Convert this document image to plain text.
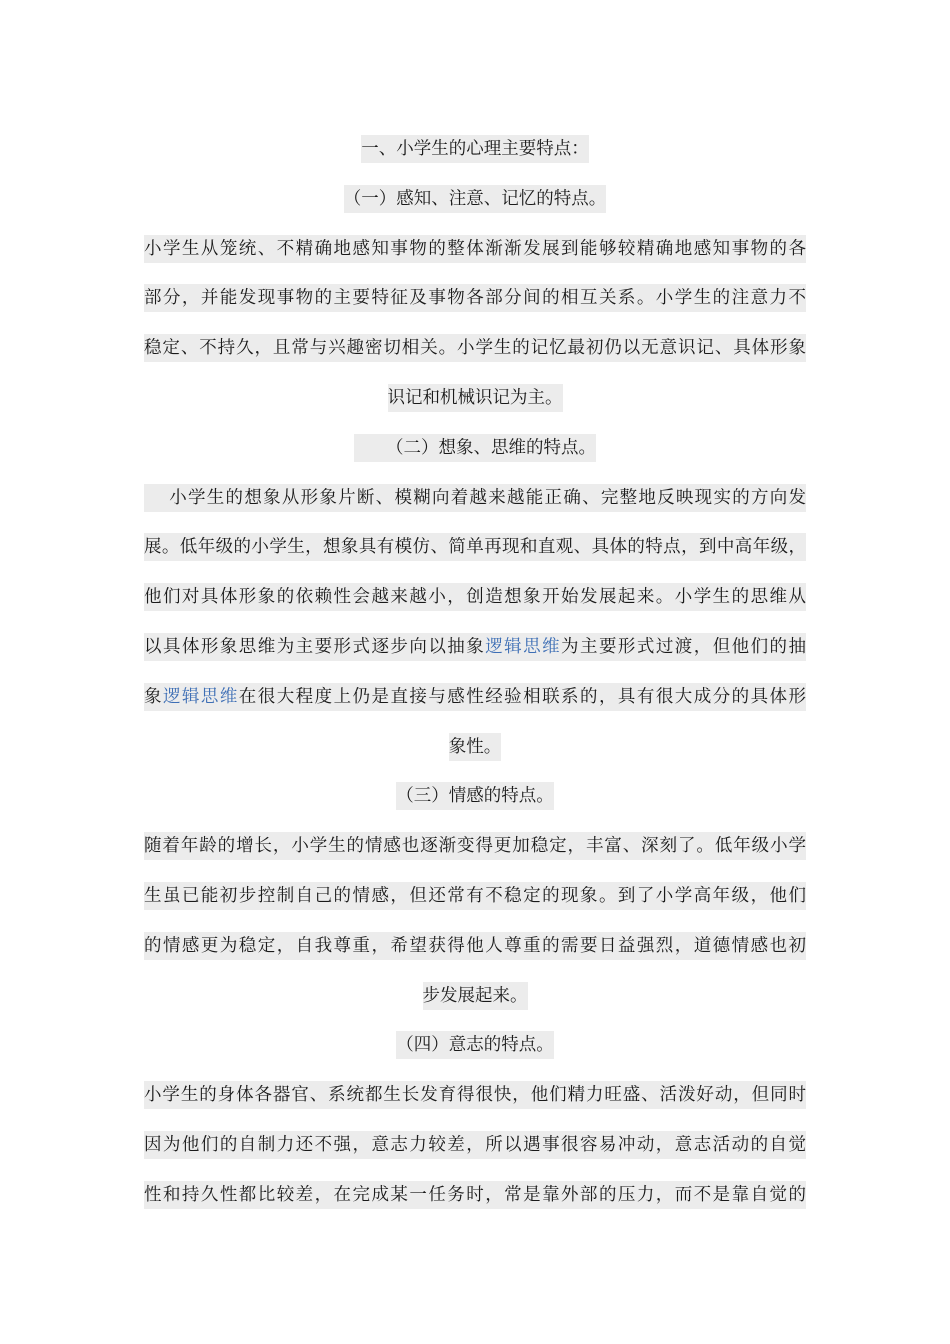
一、小学生的心理主要特点：
（一）感知、注意、记忆的特点。
小学生从笼统、不精确地感知事物的整体渐渐发展到能够较精确地感知事物的各
部分，并能发现事物的主要特征及事物各部分间的相互关系。小学生的注意力不
稳定、不持久，且常与兴趣密切相关。小学生的记忆最初仍以无意识记、具体形象
识记和机械识记为主。
（二）想象、思维的特点。
小学生的想象从形象片断、模糊向着越来越能正确、完整地反映现实的方向发
展。低年级的小学生，想象具有模仿、简单再现和直观、具体的特点，到中高年级，
他们对具体形象的依赖性会越来越小，创造想象开始发展起来。小学生的思维从
以具体形象思维为主要形式逐步向以抽象逻辑思维为主要形式过渡，但他们的抽
象逻辑思维在很大程度上仍是直接与感性经验相联系的，具有很大成分的具体形
象性。
（三）情感的特点。
随着年龄的增长，小学生的情感也逐渐变得更加稳定，丰富、深刻了。低年级小学
生虽已能初步控制自己的情感，但还常有不稳定的现象。到了小学高年级，他们
的情感更为稳定，自我尊重，希望获得他人尊重的需要日益强烈，道德情感也初
步发展起来。
（四）意志的特点。
小学生的身体各器官、系统都生长发育得很快，他们精力旺盛、活泼好动，但同时
因为他们的自制力还不强，意志力较差，所以遇事很容易冲动，意志活动的自觉
性和持久性都比较差，在完成某一任务时，常是靠外部的压力，而不是靠自觉的
